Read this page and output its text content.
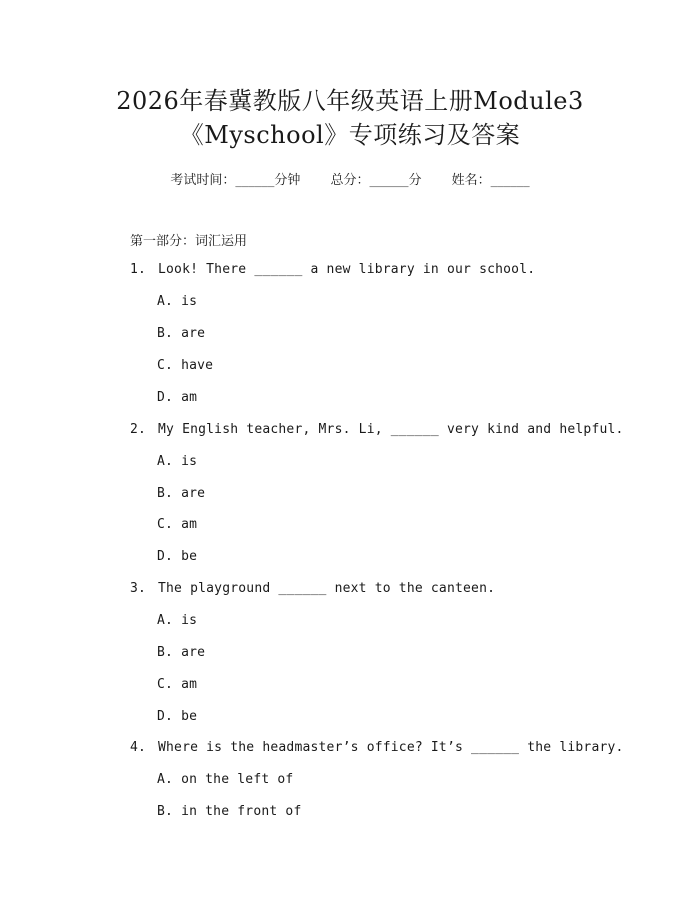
2026年春冀教版八年级英语上册Module3
《Myschool》专项练习及答案
考试时间：______分钟 总分：______分 姓名：______
第一部分：词汇运用
1. Look! There ______ a new library in our school.
A. is
B. are
C. have
D. am
2. My English teacher, Mrs. Li, ______ very kind and helpful.
A. is
B. are
C. am
D. be
3. The playground ______ next to the canteen.
A. is
B. are
C. am
D. be
4. Where is the headmaster’s office? It’s ______ the library.
A. on the left of
B. in the front of
